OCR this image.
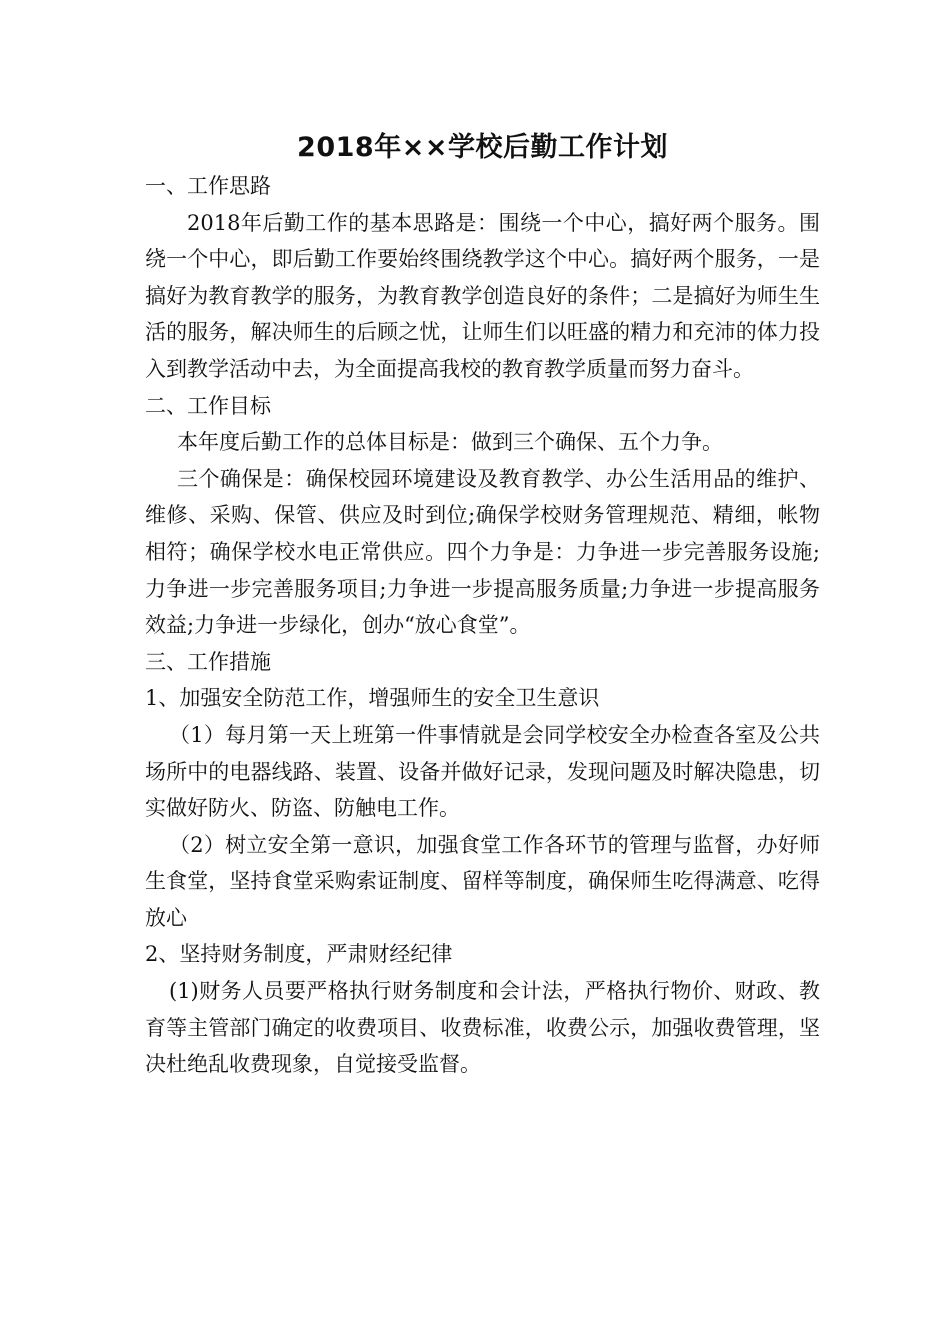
2018年××学校后勤工作计划

一、工作思路

2018年后勤工作的基本思路是：围绕一个中心，搞好两个服务。围绕一个中心，即后勤工作要始终围绕教学这个中心。搞好两个服务，一是搞好为教育教学的服务，为教育教学创造良好的条件；二是搞好为师生生活的服务，解决师生的后顾之忧，让师生们以旺盛的精力和充沛的体力投入到教学活动中去，为全面提高我校的教育教学质量而努力奋斗。

二、工作目标

本年度后勤工作的总体目标是：做到三个确保、五个力争。

三个确保是：确保校园环境建设及教育教学、办公生活用品的维护、维修、采购、保管、供应及时到位;确保学校财务管理规范、精细，帐物相符；确保学校水电正常供应。四个力争是：力争进一步完善服务设施;力争进一步完善服务项目;力争进一步提高服务质量;力争进一步提高服务效益;力争进一步绿化，创办“放心食堂”。

三、工作措施

1、加强安全防范工作，增强师生的安全卫生意识

（1）每月第一天上班第一件事情就是会同学校安全办检查各室及公共场所中的电器线路、装置、设备并做好记录，发现问题及时解决隐患，切实做好防火、防盗、防触电工作。

（2）树立安全第一意识，加强食堂工作各环节的管理与监督，办好师生食堂，坚持食堂采购索证制度、留样等制度，确保师生吃得满意、吃得放心

2、坚持财务制度，严肃财经纪律

(1)财务人员要严格执行财务制度和会计法，严格执行物价、财政、教育等主管部门确定的收费项目、收费标准，收费公示，加强收费管理，坚决杜绝乱收费现象，自觉接受监督。
